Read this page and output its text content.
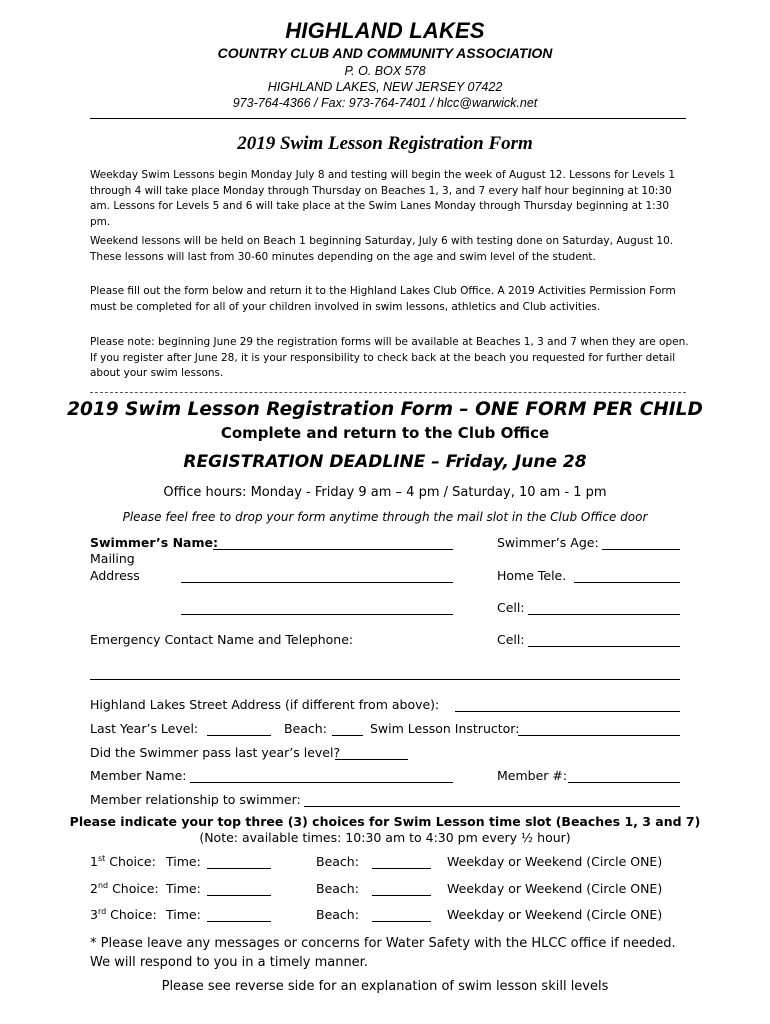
HIGHLAND LAKES
COUNTRY CLUB AND COMMUNITY ASSOCIATION
P. O. BOX 578
HIGHLAND LAKES, NEW JERSEY 07422
973-764-4366 / Fax: 973-764-7401 / hlcc@warwick.net
2019 Swim Lesson Registration Form

Weekday Swim Lessons begin Monday July 8 and testing will begin the week of August 12. Lessons for Levels 1 through 4 will take place Monday through Thursday on Beaches 1, 3, and 7 every half hour beginning at 10:30 am. Lessons for Levels 5 and 6 will take place at the Swim Lanes Monday through Thursday beginning at 1:30 pm.

Weekend lessons will be held on Beach 1 beginning Saturday, July 6 with testing done on Saturday, August 10. These lessons will last from 30-60 minutes depending on the age and swim level of the student.

Please fill out the form below and return it to the Highland Lakes Club Office. A 2019 Activities Permission Form must be completed for all of your children involved in swim lessons, athletics and Club activities.

Please note: beginning June 29 the registration forms will be available at Beaches 1, 3 and 7 when they are open. If you register after June 28, it is your responsibility to check back at the beach you requested for further detail about your swim lessons.

2019 Swim Lesson Registration Form – ONE FORM PER CHILD
Complete and return to the Club Office
REGISTRATION DEADLINE – Friday, June 28
Office hours: Monday - Friday 9 am – 4 pm / Saturday, 10 am - 1 pm
Please feel free to drop your form anytime through the mail slot in the Club Office door
Swimmer’s Name:	Swimmer’s Age:
Mailing
Address	Home Tele.
Cell:
Emergency Contact Name and Telephone:	Cell:
Highland Lakes Street Address (if different from above):
Last Year’s Level:	Beach:	Swim Lesson Instructor:
Did the Swimmer pass last year’s level?
Member Name:	Member #:
Member relationship to swimmer:
Please indicate your top three (3) choices for Swim Lesson time slot (Beaches 1, 3 and 7)
(Note: available times: 10:30 am to 4:30 pm every ½ hour)
1st Choice: Time:	Beach:	Weekday or Weekend (Circle ONE)
2nd Choice: Time:	Beach:	Weekday or Weekend (Circle ONE)
3rd Choice: Time:	Beach:	Weekday or Weekend (Circle ONE)
* Please leave any messages or concerns for Water Safety with the HLCC office if needed. We will respond to you in a timely manner.
Please see reverse side for an explanation of swim lesson skill levels
